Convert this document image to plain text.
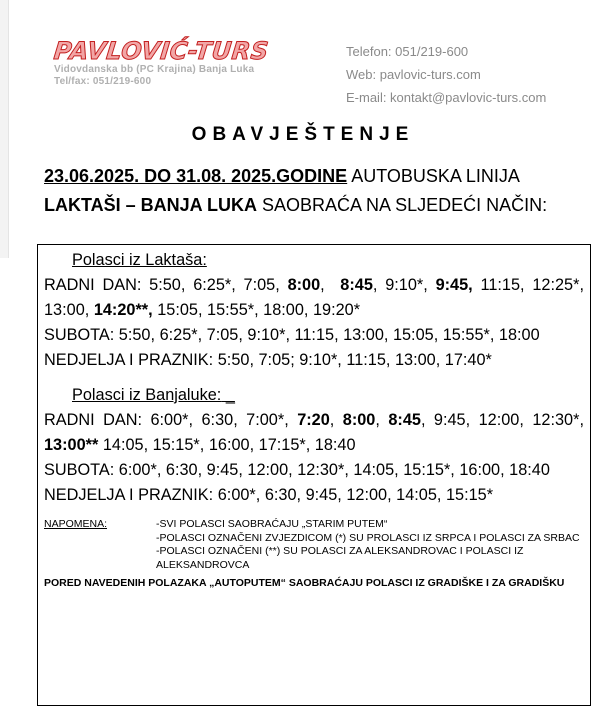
PAVLOVIĆ-TURS
Vidovdanska bb (PC Krajina) Banja Luka
Tel/fax: 051/219-600
Telefon: 051/219-600
Web: pavlovic-turs.com
E-mail: kontakt@pavlovic-turs.com
OBAVJEŠTENJE
23.06.2025. DO 31.08. 2025.GODINE AUTOBUSKA LINIJA
LAKTAŠI – BANJA LUKA SAOBRAĆA NA SLJEDEĆI NAČIN:
Polasci iz Laktaša:
RADNI DAN: 5:50, 6:25*, 7:05, 8:00,  8:45, 9:10*, 9:45, 11:15, 12:25*, 13:00, 14:20**, 15:05, 15:55*, 18:00, 19:20*
SUBOTA: 5:50, 6:25*, 7:05, 9:10*, 11:15, 13:00, 15:05, 15:55*, 18:00
NEDJELJA I PRAZNIK: 5:50, 7:05; 9:10*, 11:15, 13:00, 17:40*
Polasci iz Banjaluke: _
RADNI DAN: 6:00*, 6:30, 7:00*, 7:20, 8:00, 8:45, 9:45, 12:00, 12:30*, 13:00** 14:05, 15:15*, 16:00, 17:15*, 18:40
SUBOTA: 6:00*, 6:30, 9:45, 12:00, 12:30*, 14:05, 15:15*, 16:00, 18:40
NEDJELJA I PRAZNIK: 6:00*, 6:30, 9:45, 12:00, 14:05, 15:15*
NAPOMENA:	-SVI POLASCI SAOBRAĆAJU „STARIM PUTEM“
-POLASCI OZNAČENI ZVJEZDICOM (*) SU PROLASCI IZ SRPCA I POLASCI ZA SRBAC
-POLASCI OZNAČENI (**) SU POLASCI ZA ALEKSANDROVAC I POLASCI IZ ALEKSANDROVCA
PORED NAVEDENIH POLAZAKA „AUTOPUTEM“ SAOBRAĆAJU POLASCI IZ GRADIŠKE I ZA GRADIŠKU
